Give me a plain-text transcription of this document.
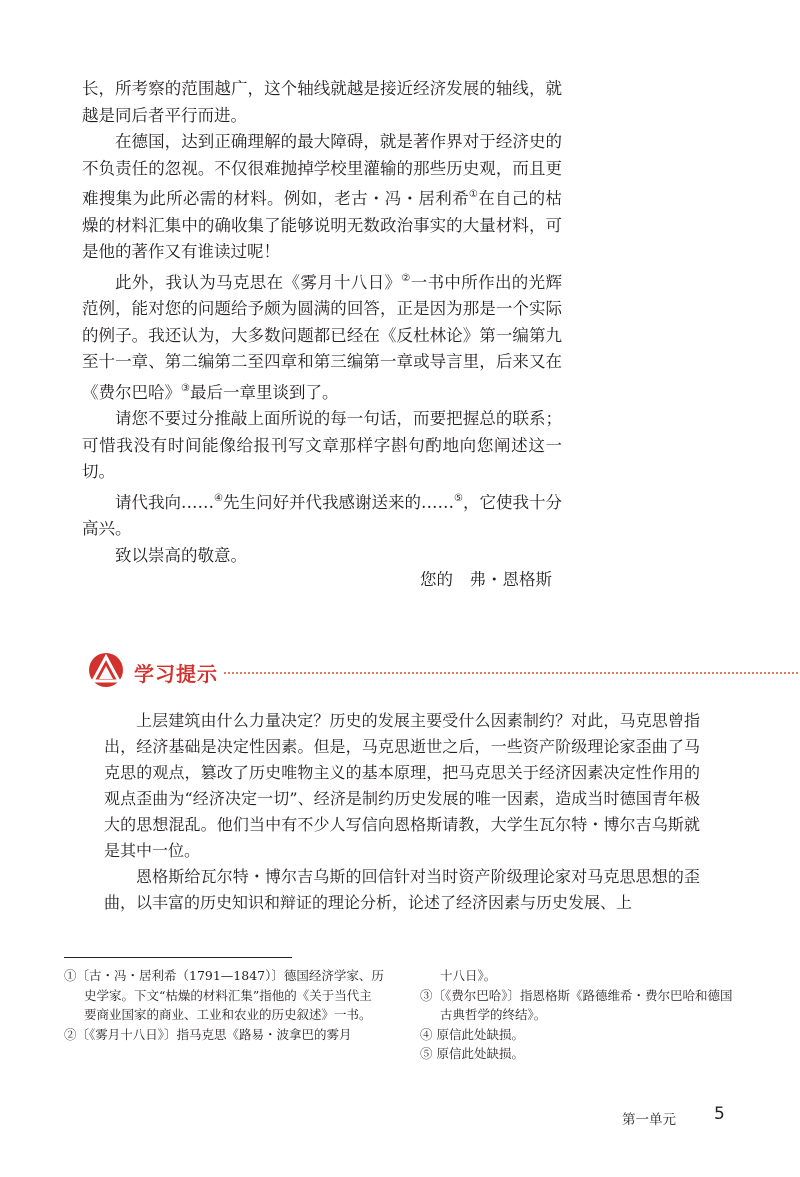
长，所考察的范围越广，这个轴线就越是接近经济发展的轴线，就越是同后者平行而进。

在德国，达到正确理解的最大障碍，就是著作界对于经济史的不负责任的忽视。不仅很难抛掉学校里灌输的那些历史观，而且更难搜集为此所必需的材料。例如，老古・冯・居利希①在自己的枯燥的材料汇集中的确收集了能够说明无数政治事实的大量材料，可是他的著作又有谁读过呢！

此外，我认为马克思在《雾月十八日》②一书中所作出的光辉范例，能对您的问题给予颇为圆满的回答，正是因为那是一个实际的例子。我还认为，大多数问题都已经在《反杜林论》第一编第九至十一章、第二编第二至四章和第三编第一章或导言里，后来又在《费尔巴哈》③最后一章里谈到了。

请您不要过分推敲上面所说的每一句话，而要把握总的联系；可惜我没有时间能像给报刊写文章那样字斟句酌地向您阐述这一切。

请代我向……④先生问好并代我感谢送来的……⑤，它使我十分高兴。

致以崇高的敬意。

您的　弗・恩格斯
学习提示

上层建筑由什么力量决定？历史的发展主要受什么因素制约？对此，马克思曾指出，经济基础是决定性因素。但是，马克思逝世之后，一些资产阶级理论家歪曲了马克思的观点，篡改了历史唯物主义的基本原理，把马克思关于经济因素决定性作用的观点歪曲为“经济决定一切”、经济是制约历史发展的唯一因素，造成当时德国青年极大的思想混乱。他们当中有不少人写信向恩格斯请教，大学生瓦尔特・博尔吉乌斯就是其中一位。

恩格斯给瓦尔特・博尔吉乌斯的回信针对当时资产阶级理论家对马克思思想的歪曲，以丰富的历史知识和辩证的理论分析，论述了经济因素与历史发展、上

①〔古・冯・居利希（1791—1847）〕德国经济学家、历史学家。下文“枯燥的材料汇集”指他的《关于当代主要商业国家的商业、工业和农业的历史叙述》一书。

②〔《雾月十八日》〕指马克思《路易・波拿巴的雾月

十八日》。

③〔《费尔巴哈》〕指恩格斯《路德维希・费尔巴哈和德国古典哲学的终结》。

④ 原信此处缺损。

⑤ 原信此处缺损。

第一单元 5
